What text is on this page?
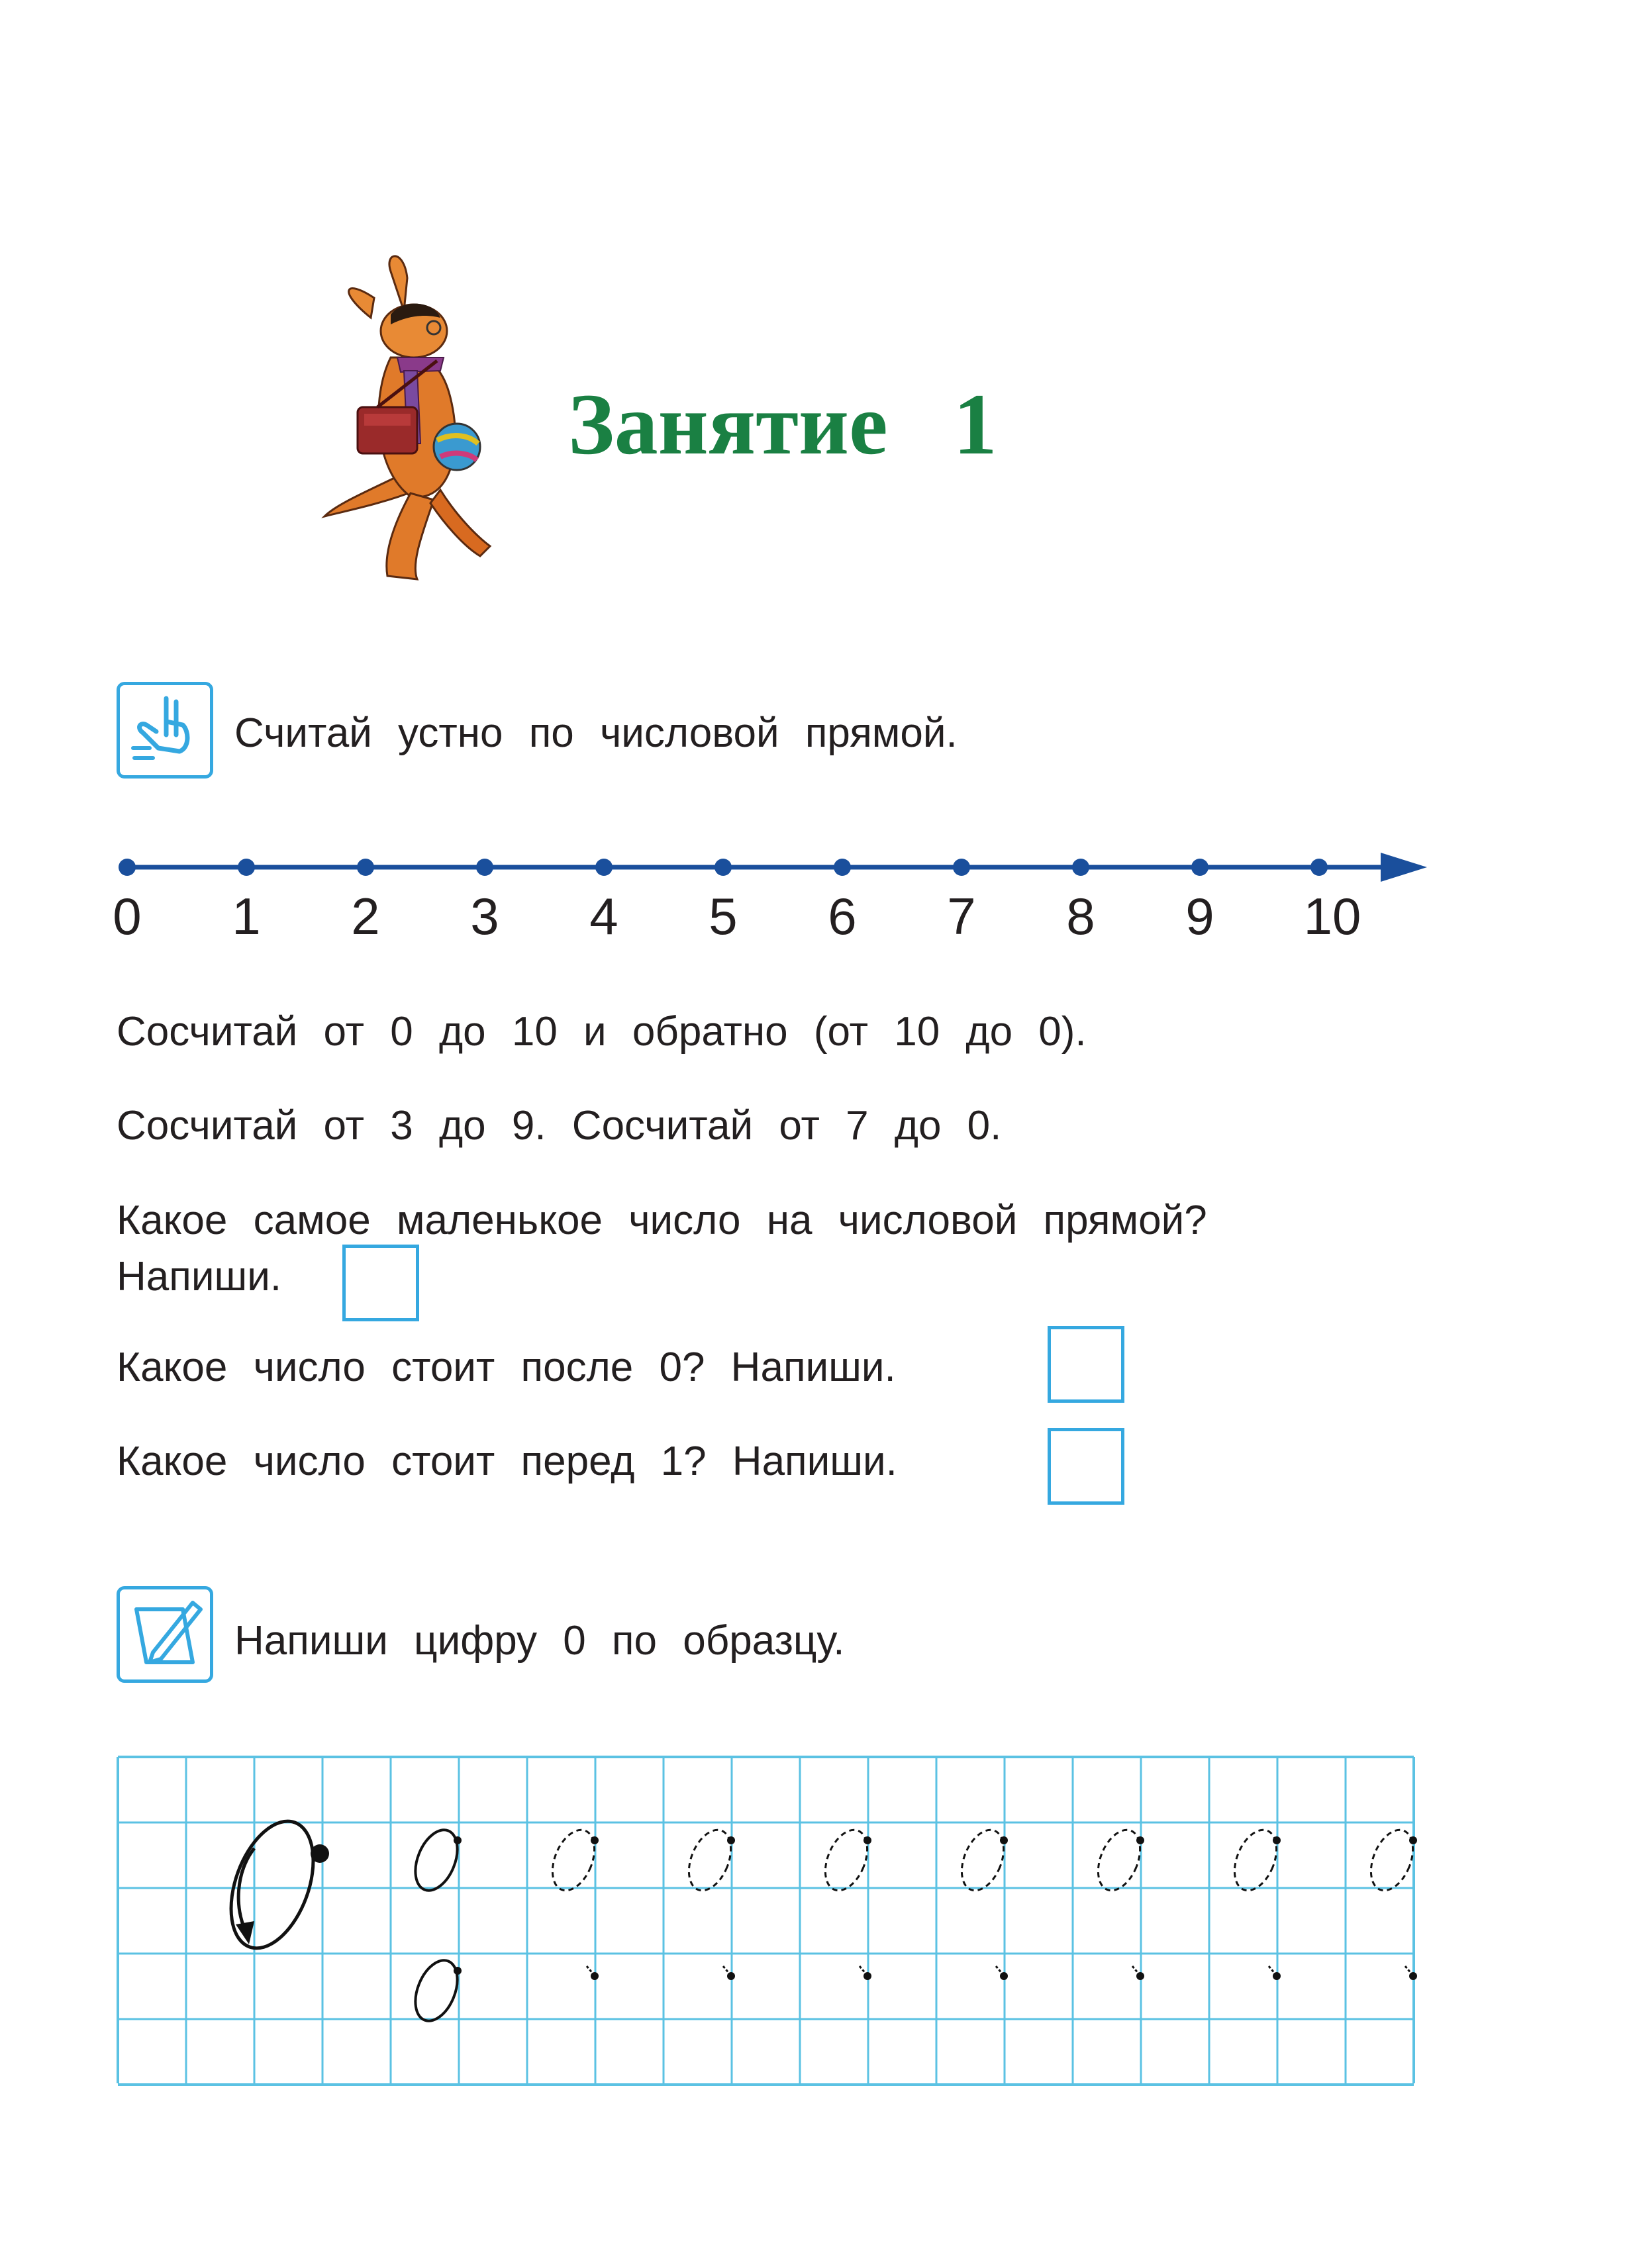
Занятие   1
Считай устно по числовой прямой.
0	1	2	3	4	5	6	7	8	9	10
Сосчитай от 0 до 10 и обратно (от 10 до 0).
Сосчитай от 3 до 9. Сосчитай от 7 до 0.
Какое самое маленькое число на числовой прямой?
Напиши.
Какое число стоит после 0? Напиши.
Какое число стоит перед 1? Напиши.
Напиши цифру 0 по образцу.
